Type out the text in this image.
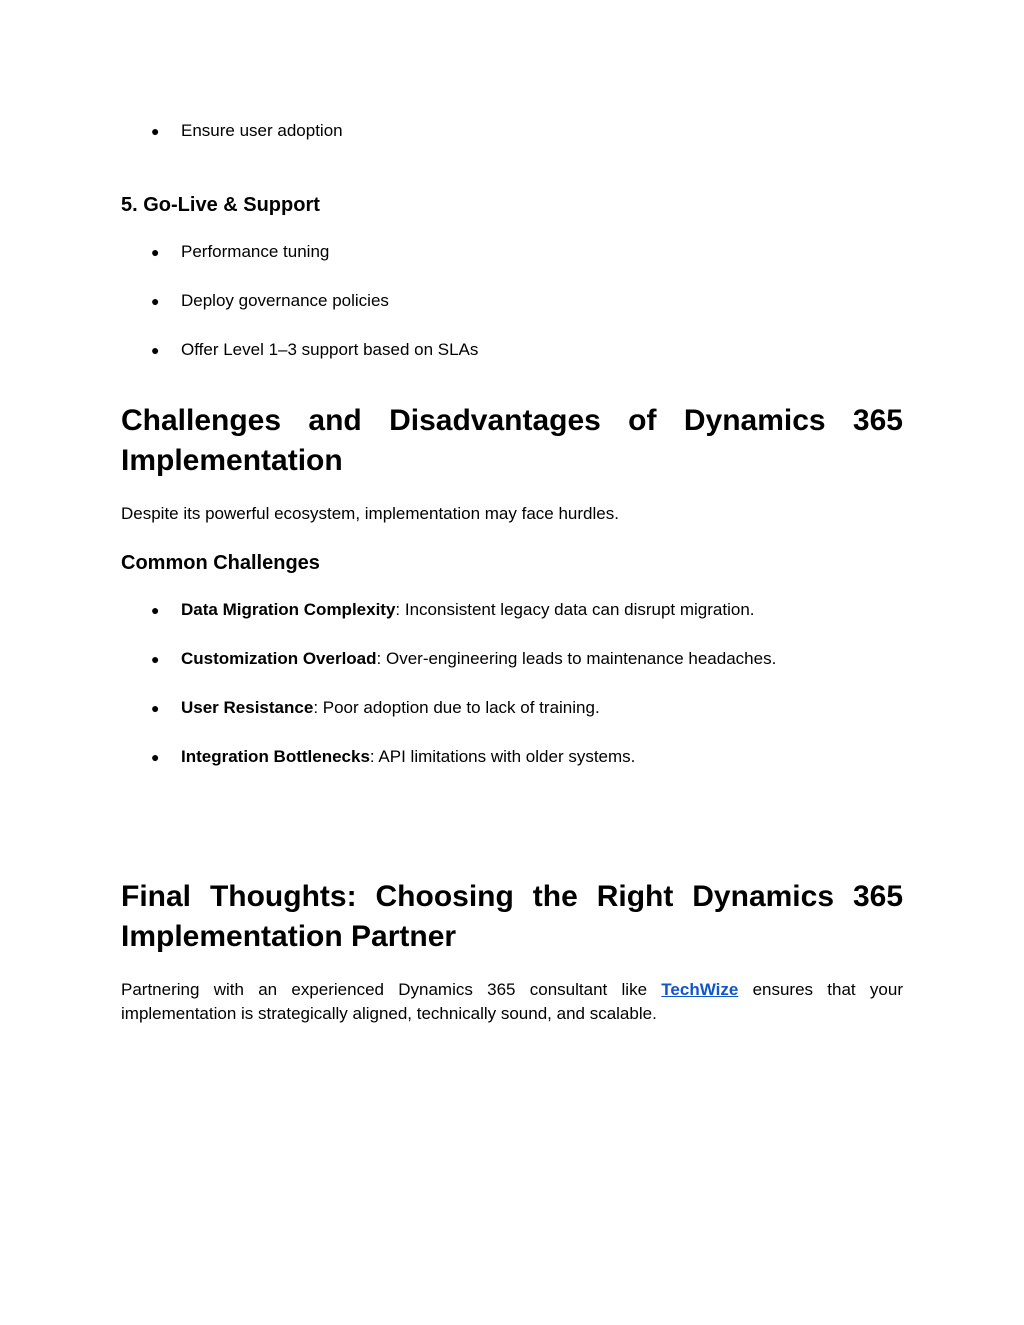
● Ensure user adoption
5. Go-Live & Support
● Performance tuning
● Deploy governance policies
● Offer Level 1–3 support based on SLAs
Challenges and Disadvantages of Dynamics 365
Implementation

Despite its powerful ecosystem, implementation may face hurdles.

Common Challenges
● Data Migration Complexity: Inconsistent legacy data can disrupt migration.
● Customization Overload: Over-engineering leads to maintenance headaches.
● User Resistance: Poor adoption due to lack of training.
● Integration Bottlenecks: API limitations with older systems.
Final Thoughts: Choosing the Right Dynamics 365
Implementation Partner

Partnering with an experienced Dynamics 365 consultant like TechWize ensures that your
implementation is strategically aligned, technically sound, and scalable.
